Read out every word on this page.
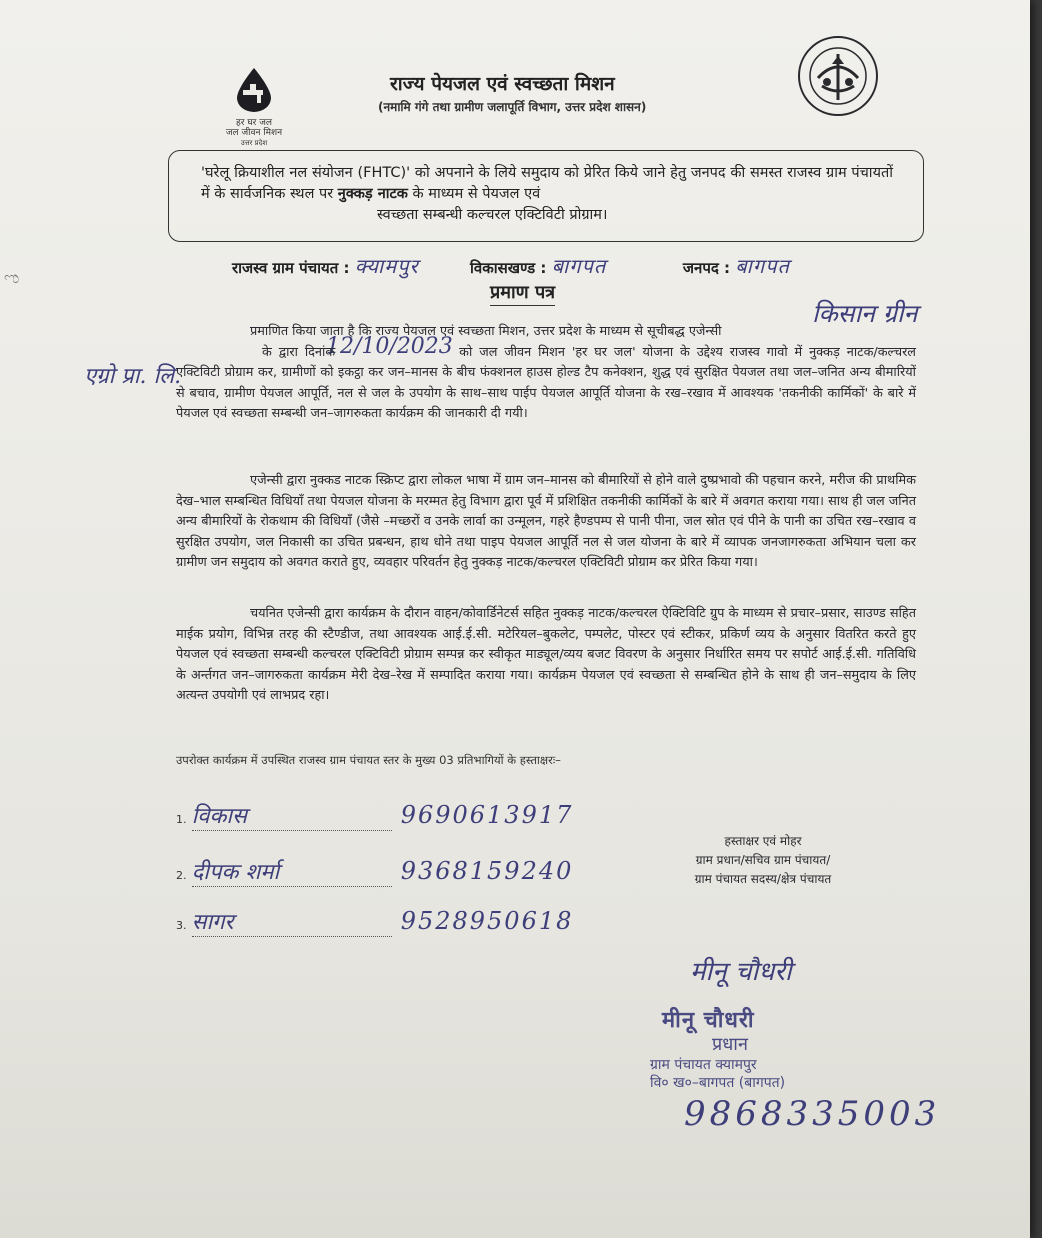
ಌ
हर घर जल
जल जीवन मिशन
उत्तर प्रदेश
राज्य पेयजल एवं स्वच्छता मिशन
(नमामि गंगे तथा ग्रामीण जलापूर्ति विभाग, उत्तर प्रदेश शासन)
'घरेलू क्रियाशील नल संयोजन (FHTC)' को अपनाने के लिये समुदाय को प्रेरित किये जाने हेतु जनपद की समस्त राजस्व ग्राम पंचायतों में के सार्वजनिक स्थल पर नुक्कड़ नाटक के माध्यम से पेयजल एवं
स्वच्छता सम्बन्धी कल्चरल एक्टिविटी प्रोग्राम।
राजस्व ग्राम पंचायत : क्यामपुर	विकासखण्ड : बागपत	जनपद : बागपत
प्रमाण पत्र
किसान ग्रीन
एग्रो प्रा. लि.
12/10/2023
प्रमाणित किया जाता है कि राज्य पेयजल एवं स्वच्छता मिशन, उत्तर प्रदेश के माध्यम से सूचीबद्ध एजेन्सी
के द्वारा दिनांक	को जल जीवन मिशन 'हर घर जल' योजना के उद्देश्य राजस्व गावो में नुक्कड़ नाटक/कल्चरल एक्टिविटी प्रोग्राम कर, ग्रामीणों को इकट्ठा कर जन–मानस के बीच फंक्शनल हाउस होल्ड टैप कनेक्शन, शुद्ध एवं सुरक्षित पेयजल तथा जल–जनित अन्य बीमारियों से बचाव, ग्रामीण पेयजल आपूर्ति, नल से जल के उपयोग के साथ–साथ पाईप पेयजल आपूर्ति योजना के रख–रखाव में आवश्यक 'तकनीकी कार्मिकों' के बारे में पेयजल एवं स्वच्छता सम्बन्धी जन–जागरुकता कार्यक्रम की जानकारी दी गयी।
एजेन्सी द्वारा नुक्कड नाटक स्क्रिप्ट द्वारा लोकल भाषा में ग्राम जन–मानस को बीमारियों से होने वाले दुष्प्रभावो की पहचान करने, मरीज की प्राथमिक देख–भाल सम्बन्धित विधियाँ तथा पेयजल योजना के मरम्मत हेतु विभाग द्वारा पूर्व में प्रशिक्षित तकनीकी कार्मिकों के बारे में अवगत कराया गया। साथ ही जल जनित अन्य बीमारियों के रोकथाम की विधियाँ (जैसे –मच्छरों व उनके लार्वा का उन्मूलन, गहरे हैण्डपम्प से पानी पीना, जल स्रोत एवं पीने के पानी का उचित रख–रखाव व सुरक्षित उपयोग, जल निकासी का उचित प्रबन्धन, हाथ धोने तथा पाइप पेयजल आपूर्ति नल से जल योजना के बारे में व्यापक जनजागरुकता अभियान चला कर ग्रामीण जन समुदाय को अवगत कराते हुए, व्यवहार परिवर्तन हेतु नुक्कड़ नाटक/कल्चरल एक्टिविटी प्रोग्राम कर प्रेरित किया गया।
चयनित एजेन्सी द्वारा कार्यक्रम के दौरान वाहन/कोवार्डिनेटर्स सहित नुक्कड़ नाटक/कल्चरल ऐक्टिविटि ग्रुप के माध्यम से प्रचार–प्रसार, साउण्ड सहित माईक प्रयोग, विभिन्न तरह की स्टैण्डीज, तथा आवश्यक आई.ई.सी. मटेरियल–बुकलेट, पम्पलेट, पोस्टर एवं स्टीकर, प्रकिर्ण व्यय के अनुसार वितरित करते हुए पेयजल एवं स्वच्छता सम्बन्धी कल्चरल एक्टिविटी प्रोग्राम सम्पन्न कर स्वीकृत माड्यूल/व्यय बजट विवरण के अनुसार निर्धारित समय पर सपोर्ट आई.ई.सी. गतिविधि के अर्न्तगत जन–जागरुकता कार्यक्रम मेरी देख–रेख में सम्पादित कराया गया। कार्यक्रम पेयजल एवं स्वच्छता से सम्बन्धित होने के साथ ही जन–समुदाय के लिए अत्यन्त उपयोगी एवं लाभप्रद रहा।
उपरोक्त कार्यक्रम में उपस्थित राजस्व ग्राम पंचायत स्तर के मुख्य 03 प्रतिभागियों के हस्ताक्षरः–
1. विकास	9690613917
2. दीपक शर्मा	9368159240
3. सागर	9528950618
हस्ताक्षर एवं मोहर
ग्राम प्रधान/सचिव ग्राम पंचायत/
ग्राम पंचायत सदस्य/क्षेत्र पंचायत
मीनू चौधरी
मीनू चौधरी
प्रधान
ग्राम पंचायत क्यामपुर
वि० ख०–बागपत (बागपत)
9868335003
